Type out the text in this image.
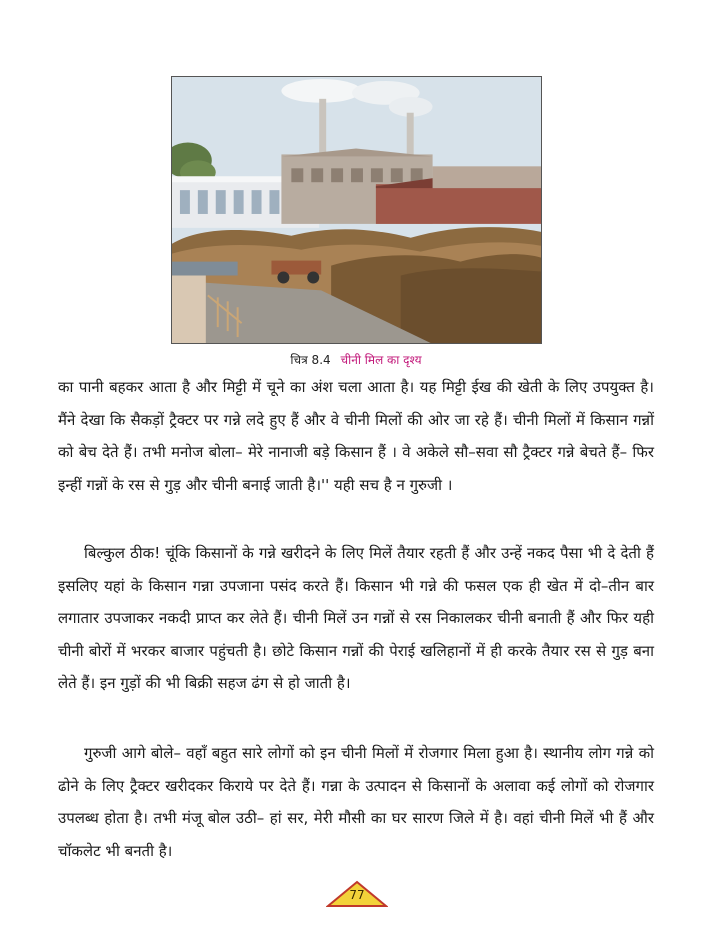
चित्र 8.4 चीनी मिल का दृश्य

का पानी बहकर आता है और मिट्टी में चूने का अंश चला आता है। यह मिट्टी ईख की खेती के लिए उपयुक्त है। मैंने देखा कि सैकड़ों ट्रैक्टर पर गन्ने लदे हुए हैं और वे चीनी मिलों की ओर जा रहे हैं। चीनी मिलों में किसान गन्नों को बेच देते हैं। तभी मनोज बोला– मेरे नानाजी बड़े किसान हैं । वे अकेले सौ–सवा सौ ट्रैक्टर गन्ने बेचते हैं– फिर इन्हीं गन्नों के रस से गुड़ और चीनी बनाई जाती है।'' यही सच है न गुरुजी ।

बिल्कुल ठीक! चूंकि किसानों के गन्ने खरीदने के लिए मिलें तैयार रहती हैं और उन्हें नकद पैसा भी दे देती हैं इसलिए यहां के किसान गन्ना उपजाना पसंद करते हैं। किसान भी गन्ने की फसल एक ही खेत में दो–तीन बार लगातार उपजाकर नकदी प्राप्त कर लेते हैं। चीनी मिलें उन गन्नों से रस निकालकर चीनी बनाती हैं और फिर यही चीनी बोरों में भरकर बाजार पहुंचती है। छोटे किसान गन्नों की पेराई खलिहानों में ही करके तैयार रस से गुड़ बना लेते हैं। इन गुड़ों की भी बिक्री सहज ढंग से हो जाती है।

गुरुजी आगे बोले– वहाँ बहुत सारे लोगों को इन चीनी मिलों में रोजगार मिला हुआ है। स्थानीय लोग गन्ने को ढोने के लिए ट्रैक्टर खरीदकर किराये पर देते हैं। गन्ना के उत्पादन से किसानों के अलावा कई लोगों को रोजगार उपलब्ध होता है। तभी मंजू बोल उठी– हां सर, मेरी मौसी का घर सारण जिले में है। वहां चीनी मिलें भी हैं और चॉकलेट भी बनती है।

77
